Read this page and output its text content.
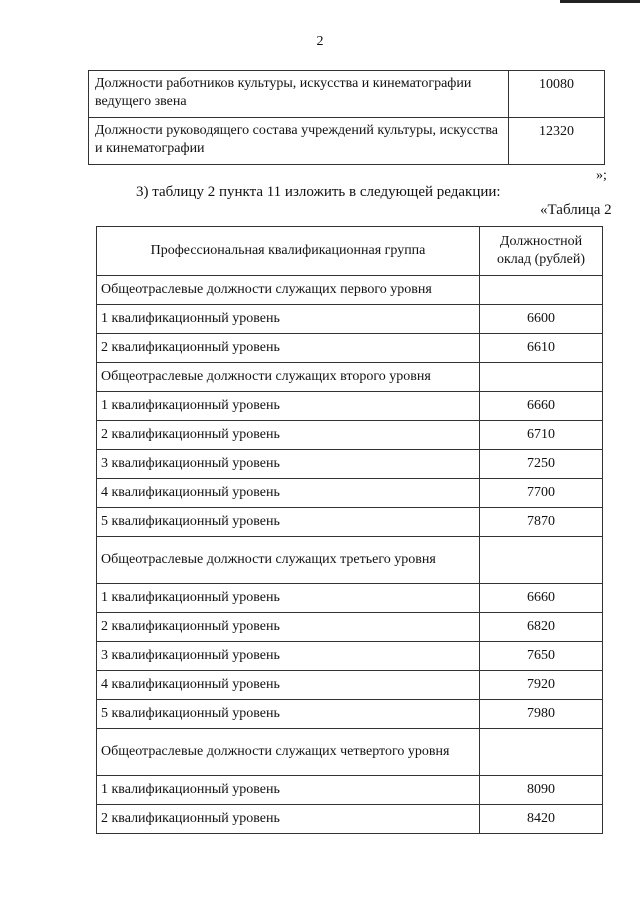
2
Должности работников культуры, искусства и кинематографии ведущего звена	10080
Должности руководящего состава учреждений культуры, искусства и кинематографии	12320
»;
3) таблицу 2 пункта 11 изложить в следующей редакции:
«Таблица 2
Профессиональная квалификационная группа	Должностной оклад (рублей)
Общеотраслевые должности служащих первого уровня	
1 квалификационный уровень	6600
2 квалификационный уровень	6610
Общеотраслевые должности служащих второго уровня	
1 квалификационный уровень	6660
2 квалификационный уровень	6710
3 квалификационный уровень	7250
4 квалификационный уровень	7700
5 квалификационный уровень	7870
Общеотраслевые должности служащих третьего уровня	
1 квалификационный уровень	6660
2 квалификационный уровень	6820
3 квалификационный уровень	7650
4 квалификационный уровень	7920
5 квалификационный уровень	7980
Общеотраслевые должности служащих четвертого уровня	
1 квалификационный уровень	8090
2 квалификационный уровень	8420
